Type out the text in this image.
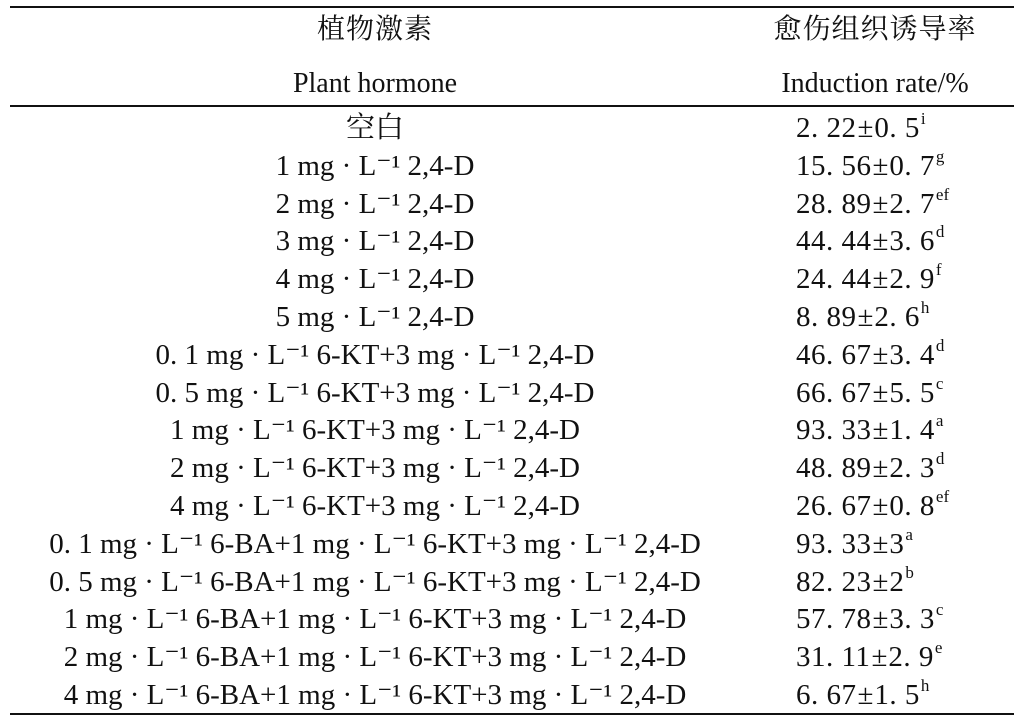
植物激素	愈伤组织诱导率
Plant hormone	Induction rate/%
空白	2. 22±0. 5$^i$
1 mg · L⁻¹ 2,4-D	15. 56±0. 7$^g$
2 mg · L⁻¹ 2,4-D	28. 89±2. $7^{ef}$
3 mg · L⁻¹ 2,4-D	44. 44±3. 6$^d$
4 mg · L⁻¹ 2,4-D	24. 44±2. 9$^f$
5 mg · L⁻¹ 2,4-D	8. 89±2. 6$^h$
0. 1 mg · L⁻¹ 6-KT+3 mg · L⁻¹ 2,4-D	46. 67±3. 4$^d$
0. 5 mg · L⁻¹ 6-KT+3 mg · L⁻¹ 2,4-D	66. 67±5. 5$^c$
1 mg · L⁻¹ 6-KT+3 mg · L⁻¹ 2,4-D	93. 33±1. 4$^a$
2 mg · L⁻¹ 6-KT+3 mg · L⁻¹ 2,4-D	48. 89±2. 3$^d$
4 mg · L⁻¹ 6-KT+3 mg · L⁻¹ 2,4-D	26. 67±0. $8^{ef}$
0. 1 mg · L⁻¹ 6-BA+1 mg · L⁻¹ 6-KT+3 mg · L⁻¹ 2,4-D	93. $33\pm 3^a$
0. 5 mg · L⁻¹ 6-BA+1 mg · L⁻¹ 6-KT+3 mg · L⁻¹ 2,4-D	82. $23\pm 2^b$
1 mg · L⁻¹ 6-BA+1 mg · L⁻¹ 6-KT+3 mg · L⁻¹ 2,4-D	57. 78±3. 3$^c$
2 mg · L⁻¹ 6-BA+1 mg · L⁻¹ 6-KT+3 mg · L⁻¹ 2,4-D	31. 11±2. 9e
4 mg · L⁻¹ 6-BA+1 mg · L⁻¹ 6-KT+3 mg · L⁻¹ 2,4-D	6. 67±1. 5$^h$
